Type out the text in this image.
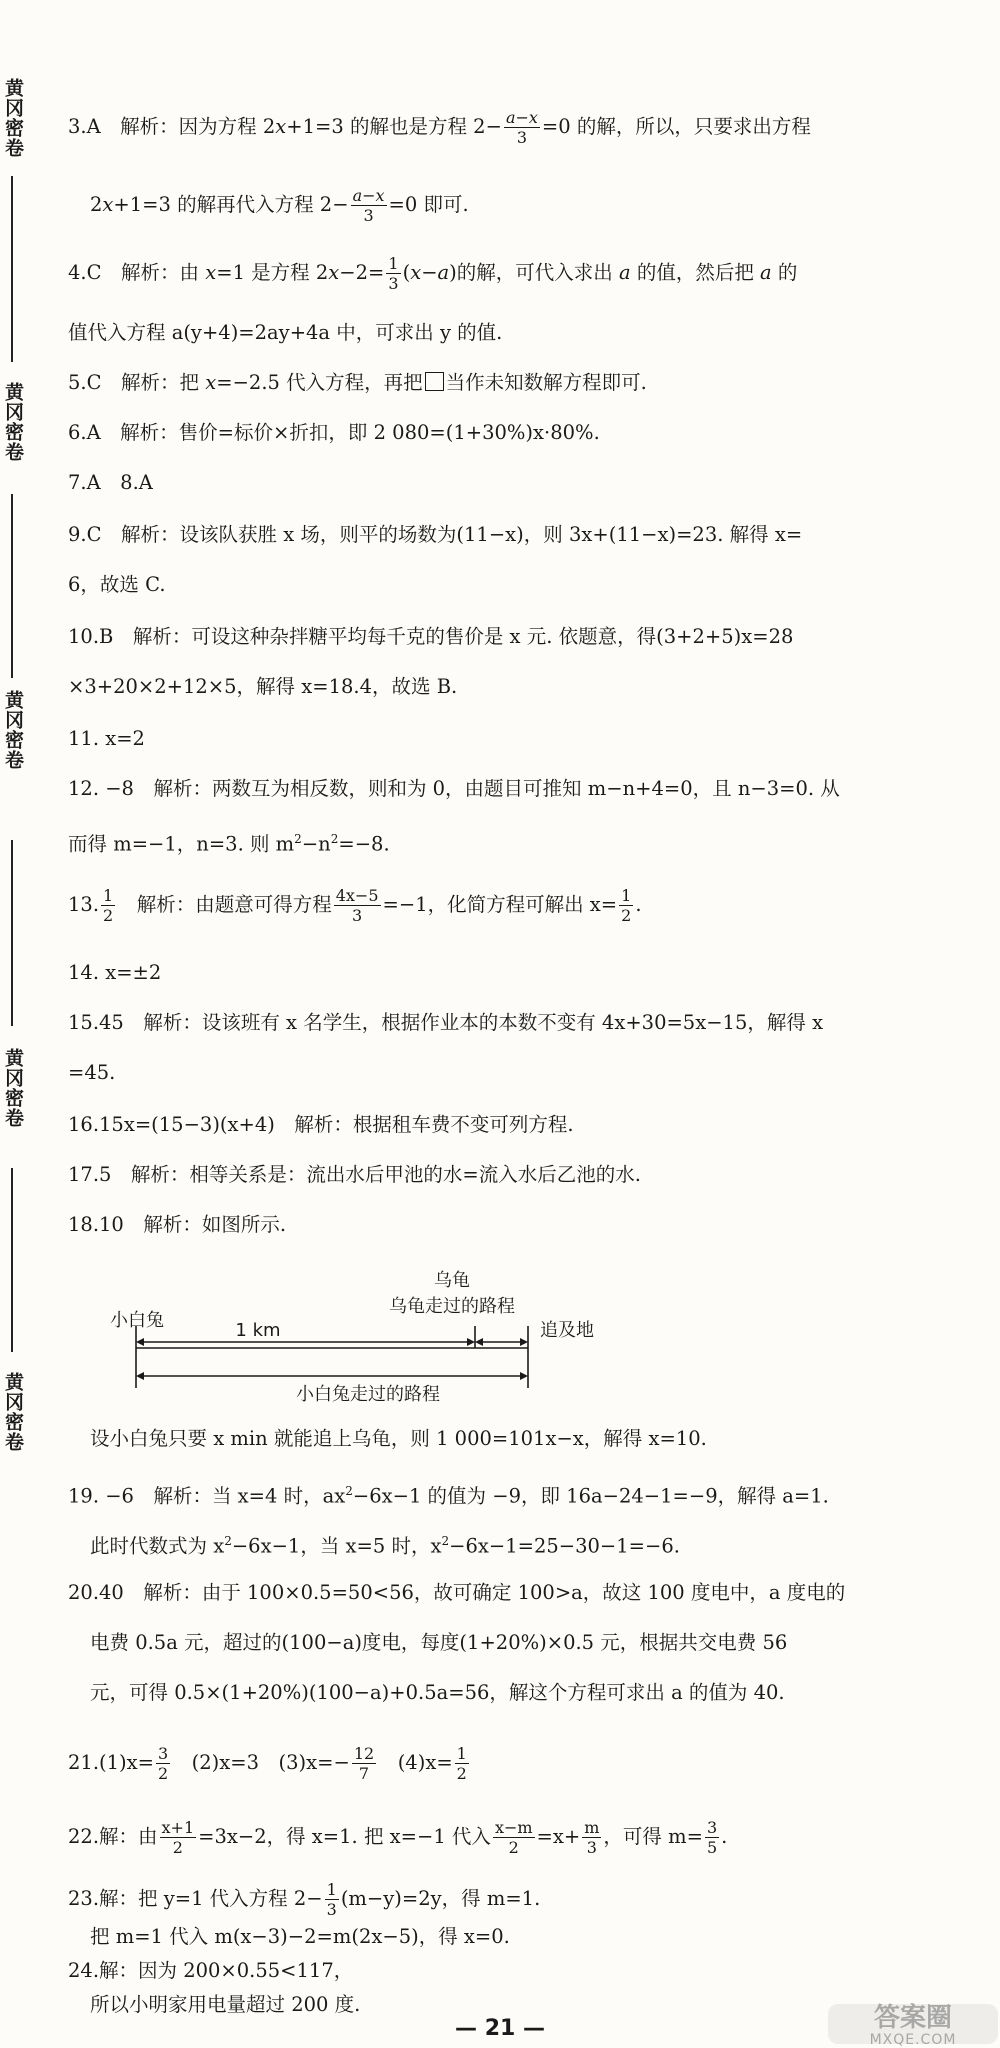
黄冈密卷
黄冈密卷
黄冈密卷
黄冈密卷
黄冈密卷
3.A　解析：因为方程 2x+1=3 的解也是方程 $2- \frac{a-x}{3} =0$ 的解，所以，只要求出方程
2x+1=3 的解再代入方程 $2- \frac{a-x}{3} =0$ 即可.
4.C　解析：由 x=1 是方程 $2x-2= \frac{1}{3} (x-a)$的解，可代入求出 a 的值，然后把 a 的
值代入方程 a(y+4)=2ay+4a 中，可求出 y 的值.
5.C　解析：把 x=−2.5 代入方程，再把 当作未知数解方程即可.
6.A　解析：售价=标价×折扣，即 2 080=(1+30%)x·80%.
7.A　8.A
9.C　解析：设该队获胜 x 场，则平的场数为(11−x)，则 3x+(11−x)=23. 解得 x=
6，故选 C.
10.B　解析：可设这种杂拌糖平均每千克的售价是 x 元. 依题意，得(3+2+5)x=28
×3+20×2+12×5，解得 x=18.4，故选 B.
11. x=2
12. −8　解析：两数互为相反数，则和为 0，由题目可推知 m−n+4=0，且 n−3=0. 从
而得 m=−1，n=3. 则 $m^2-n^2=-8$.
13. $\frac{1}{2}$ 　解析：由题意可得方程 $\frac{4x-5}{3} =-1$，化简方程可解出 $x= \frac{1}{2}$ .
14. x=±2
15.45　解析：设该班有 x 名学生，根据作业本的本数不变有 4x+30=5x−15，解得 x
=45.
16.15x=(15−3)(x+4)　解析：根据租车费不变可列方程.
17.5　解析：相等关系是：流出水后甲池的水=流入水后乙池的水.
18.10　解析：如图所示.
乌龟
乌龟走过的路程
小白兔	1 km	追及地
小白兔走过的路程
设小白兔只要 x min 就能追上乌龟，则 1 000=101x−x，解得 x=10.
19. −6　解析：当 x=4 时，$ax^2-6x-1$ 的值为 −9，即 16a−24−1=−9，解得 a=1.
此时代数式为 $x^2-6x-1$，当 x=5 时，$x^2-6x-1=25-30-1=-6$.
20.40　解析：由于 100×0.5=50<56，故可确定 100>a，故这 100 度电中，a 度电的
电费 0.5a 元，超过的(100−a)度电，每度(1+20%)×0.5 元，根据共交电费 56
元，可得 0.5×(1+20%)(100−a)+0.5a=56，解这个方程可求出 a 的值为 40.
$21.(1)x= \frac{3}{2}$ 　(2)x=3　$(3)x=- \frac{12}{7}$ 　$(4)x= \frac{1}{2}$
22.解：由 $\frac{x+1}{2} =3x-2$，得 x=1. 把 x=−1 代入 $\frac{x-m}{2} =x+ \frac{m}{3}$ ，可得 $m= \frac{3}{5}$ .
— 21 —	答案圈
MXQE.COM
23.解：把 y=1 代入方程 $2- \frac{1}{3} (m-y)=2y$，得 m=1.
把 m=1 代入 m(x−3)−2=m(2x−5)，得 x=0.
24.解：因为 200×0.55<117，
所以小明家用电量超过 200 度.
